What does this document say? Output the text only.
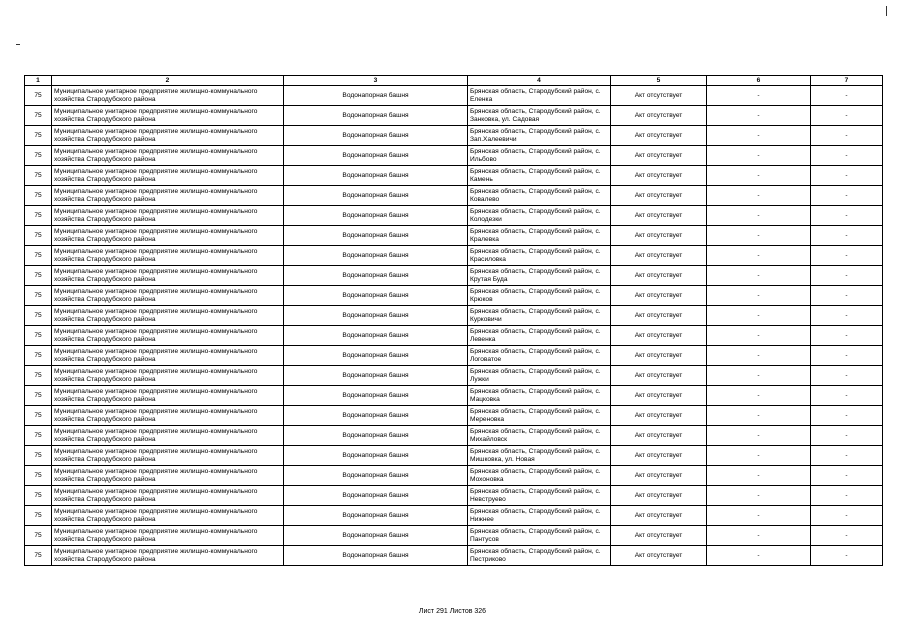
1	2	3	4	5	6	7
75	Муниципальное унитарное предприятие жилищно-коммунального хозяйства Стародубского района	Водонапорная башня	Брянская область, Стародубский район, с. Еленка	Акт отсутствует	-	-
75	Муниципальное унитарное предприятие жилищно-коммунального хозяйства Стародубского района	Водонапорная башня	Брянская область, Стародубский район, с. Занковка, ул. Садовая	Акт отсутствует	-	-
75	Муниципальное унитарное предприятие жилищно-коммунального хозяйства Стародубского района	Водонапорная башня	Брянская область, Стародубский район, с. Зап.Халеевичи	Акт отсутствует	-	-
75	Муниципальное унитарное предприятие жилищно-коммунального хозяйства Стародубского района	Водонапорная башня	Брянская область, Стародубский район, с. Ильбово	Акт отсутствует	-	-
75	Муниципальное унитарное предприятие жилищно-коммунального хозяйства Стародубского района	Водонапорная башня	Брянская область, Стародубский район, с. Камень	Акт отсутствует	-	-
75	Муниципальное унитарное предприятие жилищно-коммунального хозяйства Стародубского района	Водонапорная башня	Брянская область, Стародубский район, с. Ковалево	Акт отсутствует	-	-
75	Муниципальное унитарное предприятие жилищно-коммунального хозяйства Стародубского района	Водонапорная башня	Брянская область, Стародубский район, с. Колодезки	Акт отсутствует	-	-
75	Муниципальное унитарное предприятие жилищно-коммунального хозяйства Стародубского района	Водонапорная башня	Брянская область, Стародубский район, с. Кралевка	Акт отсутствует	-	-
75	Муниципальное унитарное предприятие жилищно-коммунального хозяйства Стародубского района	Водонапорная башня	Брянская область, Стародубский район, с. Красиловка	Акт отсутствует	-	-
75	Муниципальное унитарное предприятие жилищно-коммунального хозяйства Стародубского района	Водонапорная башня	Брянская область, Стародубский район, с. Крутая Буда	Акт отсутствует	-	-
75	Муниципальное унитарное предприятие жилищно-коммунального хозяйства Стародубского района	Водонапорная башня	Брянская область, Стародубский район, с. Крюков	Акт отсутствует	-	-
75	Муниципальное унитарное предприятие жилищно-коммунального хозяйства Стародубского района	Водонапорная башня	Брянская область, Стародубский район, с. Курковичи	Акт отсутствует	-	-
75	Муниципальное унитарное предприятие жилищно-коммунального хозяйства Стародубского района	Водонапорная башня	Брянская область, Стародубский район, с. Левенка	Акт отсутствует	-	-
75	Муниципальное унитарное предприятие жилищно-коммунального хозяйства Стародубского района	Водонапорная башня	Брянская область, Стародубский район, с. Логоватое	Акт отсутствует	-	-
75	Муниципальное унитарное предприятие жилищно-коммунального хозяйства Стародубского района	Водонапорная башня	Брянская область, Стародубский район, с. Лужки	Акт отсутствует	-	-
75	Муниципальное унитарное предприятие жилищно-коммунального хозяйства Стародубского района	Водонапорная башня	Брянская область, Стародубский район, с. Мацковка	Акт отсутствует	-	-
75	Муниципальное унитарное предприятие жилищно-коммунального хозяйства Стародубского района	Водонапорная башня	Брянская область, Стародубский район, с. Мереновка	Акт отсутствует	-	-
75	Муниципальное унитарное предприятие жилищно-коммунального хозяйства Стародубского района	Водонапорная башня	Брянская область, Стародубский район, с. Михайловск	Акт отсутствует	-	-
75	Муниципальное унитарное предприятие жилищно-коммунального хозяйства Стародубского района	Водонапорная башня	Брянская область, Стародубский район, с. Мишковка, ул. Новая	Акт отсутствует	-	-
75	Муниципальное унитарное предприятие жилищно-коммунального хозяйства Стародубского района	Водонапорная башня	Брянская область, Стародубский район, с. Мохоновка	Акт отсутствует	-	-
75	Муниципальное унитарное предприятие жилищно-коммунального хозяйства Стародубского района	Водонапорная башня	Брянская область, Стародубский район, с. Невструево	Акт отсутствует	-	-
75	Муниципальное унитарное предприятие жилищно-коммунального хозяйства Стародубского района	Водонапорная башня	Брянская область, Стародубский район, с. Нижнее	Акт отсутствует	-	-
75	Муниципальное унитарное предприятие жилищно-коммунального хозяйства Стародубского района	Водонапорная башня	Брянская область, Стародубский район, с. Пантусов	Акт отсутствует	-	-
75	Муниципальное унитарное предприятие жилищно-коммунального хозяйства Стародубского района	Водонапорная башня	Брянская область, Стародубский район, с. Пестриково	Акт отсутствует	-	-
Лист 291 Листов 326
